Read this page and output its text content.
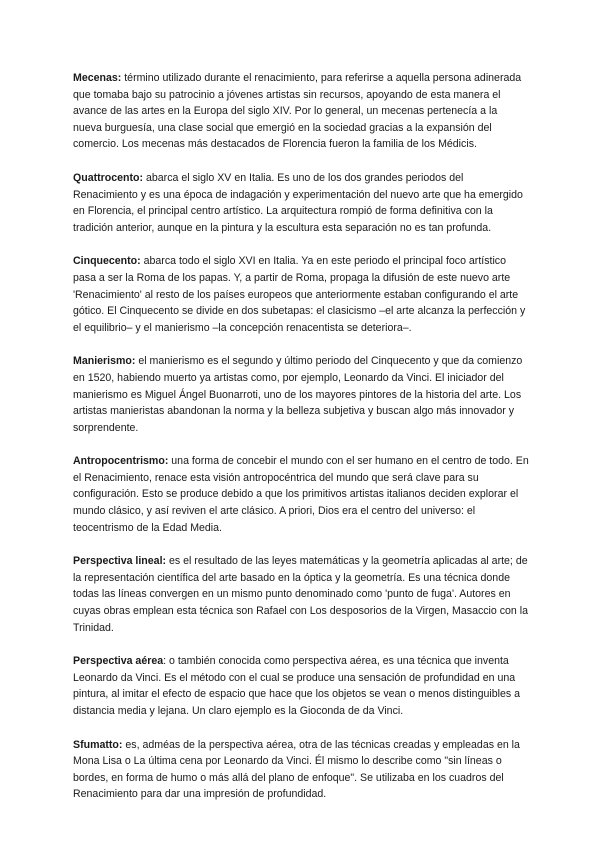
Mecenas: término utilizado durante el renacimiento, para referirse a aquella persona adinerada que tomaba bajo su patrocinio a jóvenes artistas sin recursos, apoyando de esta manera el avance de las artes en la Europa del siglo XIV. Por lo general, un mecenas pertenecía a la nueva burguesía, una clase social que emergió en la sociedad gracias a la expansión del comercio. Los mecenas más destacados de Florencia fueron la familia de los Médicis.

Quattrocento: abarca el siglo XV en Italia. Es uno de los dos grandes periodos del Renacimiento y es una época de indagación y experimentación del nuevo arte que ha emergido en Florencia, el principal centro artístico. La arquitectura rompió de forma definitiva con la tradición anterior, aunque en la pintura y la escultura esta separación no es tan profunda.

Cinquecento: abarca todo el siglo XVI en Italia. Ya en este periodo el principal foco artístico pasa a ser la Roma de los papas. Y, a partir de Roma, propaga la difusión de este nuevo arte 'Renacimiento' al resto de los países europeos que anteriormente estaban configurando el arte gótico. El Cinquecento se divide en dos subetapas: el clasicismo –el arte alcanza la perfección y el equilibrio– y el manierismo –la concepción renacentista se deteriora–.

Manierismo: el manierismo es el segundo y último periodo del Cinquecento y que da comienzo en 1520, habiendo muerto ya artistas como, por ejemplo, Leonardo da Vinci. El iniciador del manierismo es Miguel Ángel Buonarroti, uno de los mayores pintores de la historia del arte. Los artistas manieristas abandonan la norma y la belleza subjetiva y buscan algo más innovador y sorprendente.

Antropocentrismo: una forma de concebir el mundo con el ser humano en el centro de todo. En el Renacimiento, renace esta visión antropocéntrica del mundo que será clave para su configuración. Esto se produce debido a que los primitivos artistas italianos deciden explorar el mundo clásico, y así reviven el arte clásico. A priori, Dios era el centro del universo: el teocentrismo de la Edad Media.

Perspectiva lineal: es el resultado de las leyes matemáticas y la geometría aplicadas al arte; de la representación científica del arte basado en la óptica y la geometría. Es una técnica donde todas las líneas convergen en un mismo punto denominado como 'punto de fuga'. Autores en cuyas obras emplean esta técnica son Rafael con Los desposorios de la Virgen, Masaccio con la Trinidad.

Perspectiva aérea: o también conocida como perspectiva aérea, es una técnica que inventa Leonardo da Vinci. Es el método con el cual se produce una sensación de profundidad en una pintura, al imitar el efecto de espacio que hace que los objetos se vean o menos distinguibles a distancia media y lejana. Un claro ejemplo es la Gioconda de da Vinci.

Sfumatto: es, adméas de la perspectiva aérea, otra de las técnicas creadas y empleadas en la Mona Lisa o La última cena por Leonardo da Vinci. Él mismo lo describe como "sin líneas o bordes, en forma de humo o más allá del plano de enfoque". Se utilizaba en los cuadros del Renacimiento para dar una impresión de profundidad.
